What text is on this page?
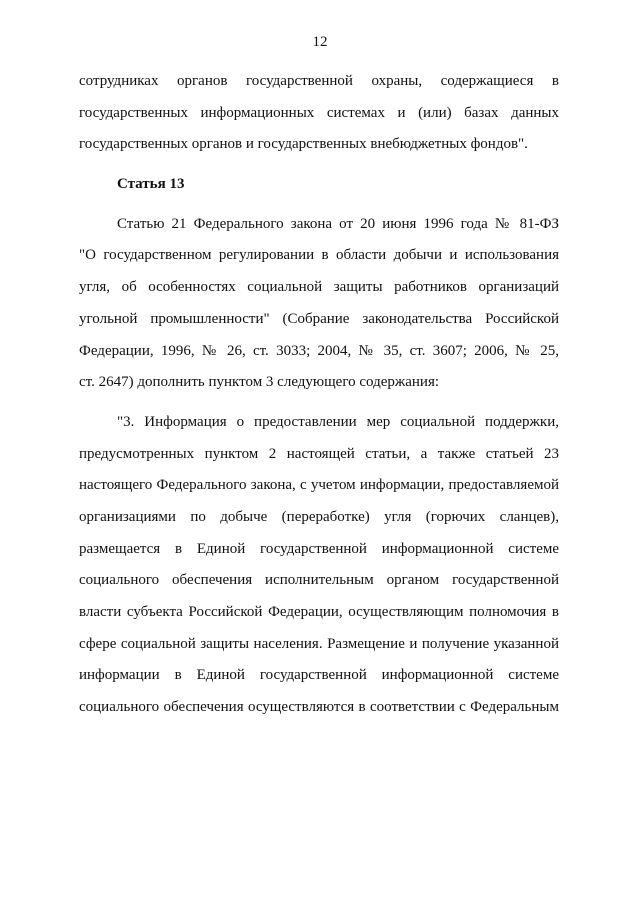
12
сотрудниках органов государственной охраны, содержащиеся в
государственных информационных системах и (или) базах данных
государственных органов и государственных внебюджетных фондов".
Статья 13
Статью 21 Федерального закона от 20 июня 1996 года № 81-ФЗ
"О государственном регулировании в области добычи и использования
угля, об особенностях социальной защиты работников организаций
угольной промышленности" (Собрание законодательства Российской
Федерации, 1996, № 26, ст. 3033; 2004, № 35, ст. 3607; 2006, № 25,
ст. 2647) дополнить пунктом 3 следующего содержания:
"3. Информация о предоставлении мер социальной поддержки,
предусмотренных пунктом 2 настоящей статьи, а также статьей 23
настоящего Федерального закона, с учетом информации, предоставляемой
организациями по добыче (переработке) угля (горючих сланцев),
размещается в Единой государственной информационной системе
социального обеспечения исполнительным органом государственной
власти субъекта Российской Федерации, осуществляющим полномочия в
сфере социальной защиты населения. Размещение и получение указанной
информации в Единой государственной информационной системе
социального обеспечения осуществляются в соответствии с Федеральным
